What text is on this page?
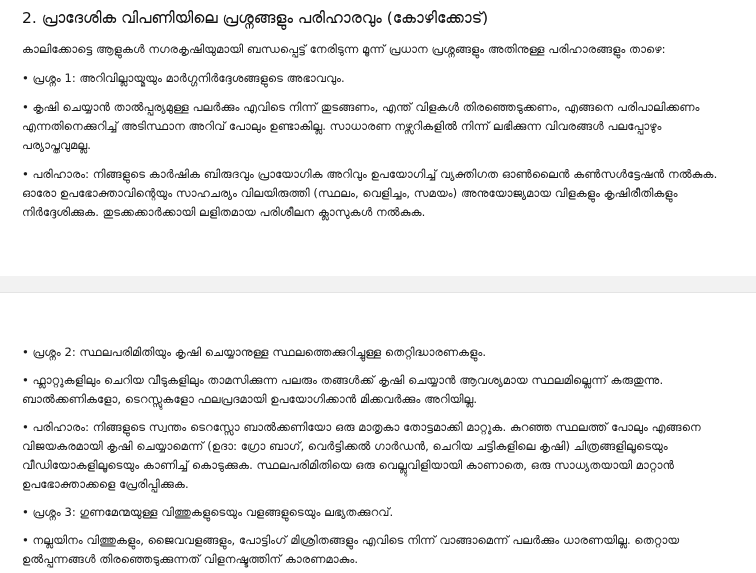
2. പ്രാദേശിക വിപണിയിലെ പ്രശ്നങ്ങളും പരിഹാരവും (കോഴിക്കോട്)

കാലിക്കോട്ടെ ആളുകൾ നഗരകൃഷിയുമായി ബന്ധപ്പെട്ട് നേരിടുന്ന മൂന്ന് പ്രധാന പ്രശ്നങ്ങളും അതിനുള്ള പരിഹാരങ്ങളും താഴെ:

• പ്രശ്നം 1: അറിവില്ലായ്മയും മാർഗ്ഗനിർദ്ദേശങ്ങളുടെ അഭാവവും.

• കൃഷി ചെയ്യാൻ താൽപ്പര്യമുള്ള പലർക്കും എവിടെ നിന്ന് തുടങ്ങണം, എന്ത് വിളകൾ തിരഞ്ഞെടുക്കണം, എങ്ങനെ പരിപാലിക്കണം എന്നതിനെക്കുറിച്ച് അടിസ്ഥാന അറിവ് പോലും ഉണ്ടാകില്ല. സാധാരണ നഴ്സറികളിൽ നിന്ന് ലഭിക്കുന്ന വിവരങ്ങൾ പലപ്പോഴും പര്യാപ്തവുമല്ല.

• പരിഹാരം: നിങ്ങളുടെ കാർഷിക ബിരുദവും പ്രായോഗിക അറിവും ഉപയോഗിച്ച് വ്യക്തിഗത ഓൺലൈൻ കൺസൾട്ടേഷൻ നൽകുക. ഓരോ ഉപഭോക്താവിന്റെയും സാഹചര്യം വിലയിരുത്തി (സ്ഥലം, വെളിച്ചം, സമയം) അനുയോജ്യമായ വിളകളും കൃഷിരീതികളും നിർദ്ദേശിക്കുക. തുടക്കക്കാർക്കായി ലളിതമായ പരിശീലന ക്ലാസുകൾ നൽകുക.

• പ്രശ്നം 2: സ്ഥലപരിമിതിയും കൃഷി ചെയ്യാനുള്ള സ്ഥലത്തെക്കുറിച്ചുള്ള തെറ്റിദ്ധാരണകളും.

• ഫ്ലാറ്റുകളിലും ചെറിയ വീടുകളിലും താമസിക്കുന്ന പലരും തങ്ങൾക്ക് കൃഷി ചെയ്യാൻ ആവശ്യമായ സ്ഥലമില്ലെന്ന് കരുതുന്നു. ബാൽക്കണികളോ, ടെറസ്സുകളോ ഫലപ്രദമായി ഉപയോഗിക്കാൻ മിക്കവർക്കും അറിയില്ല.

• പരിഹാരം: നിങ്ങളുടെ സ്വന്തം ടെറസ്സോ ബാൽക്കണിയോ ഒരു മാതൃകാ തോട്ടമാക്കി മാറ്റുക. കുറഞ്ഞ സ്ഥലത്ത് പോലും എങ്ങനെ വിജയകരമായി കൃഷി ചെയ്യാമെന്ന് (ഉദാ: ഗ്രോ ബാഗ്, വെർട്ടിക്കൽ ഗാർഡൻ, ചെറിയ ചട്ടികളിലെ കൃഷി) ചിത്രങ്ങളിലൂടെയും വീഡിയോകളിലൂടെയും കാണിച്ച് കൊടുക്കുക. സ്ഥലപരിമിതിയെ ഒരു വെല്ലുവിളിയായി കാണാതെ, ഒരു സാധ്യതയായി മാറ്റാൻ ഉപഭോക്താക്കളെ പ്രേരിപ്പിക്കുക.

• പ്രശ്നം 3: ഗുണമേന്മയുള്ള വിത്തുകളുടെയും വളങ്ങളുടെയും ലഭ്യതക്കുറവ്.

• നല്ലയിനം വിത്തുകളും, ജൈവവളങ്ങളും, പോട്ടിംഗ് മിശ്രിതങ്ങളും എവിടെ നിന്ന് വാങ്ങാമെന്ന് പലർക്കും ധാരണയില്ല. തെറ്റായ ഉൽപ്പന്നങ്ങൾ തിരഞ്ഞെടുക്കുന്നത് വിളനഷ്ടത്തിന് കാരണമാകും.
